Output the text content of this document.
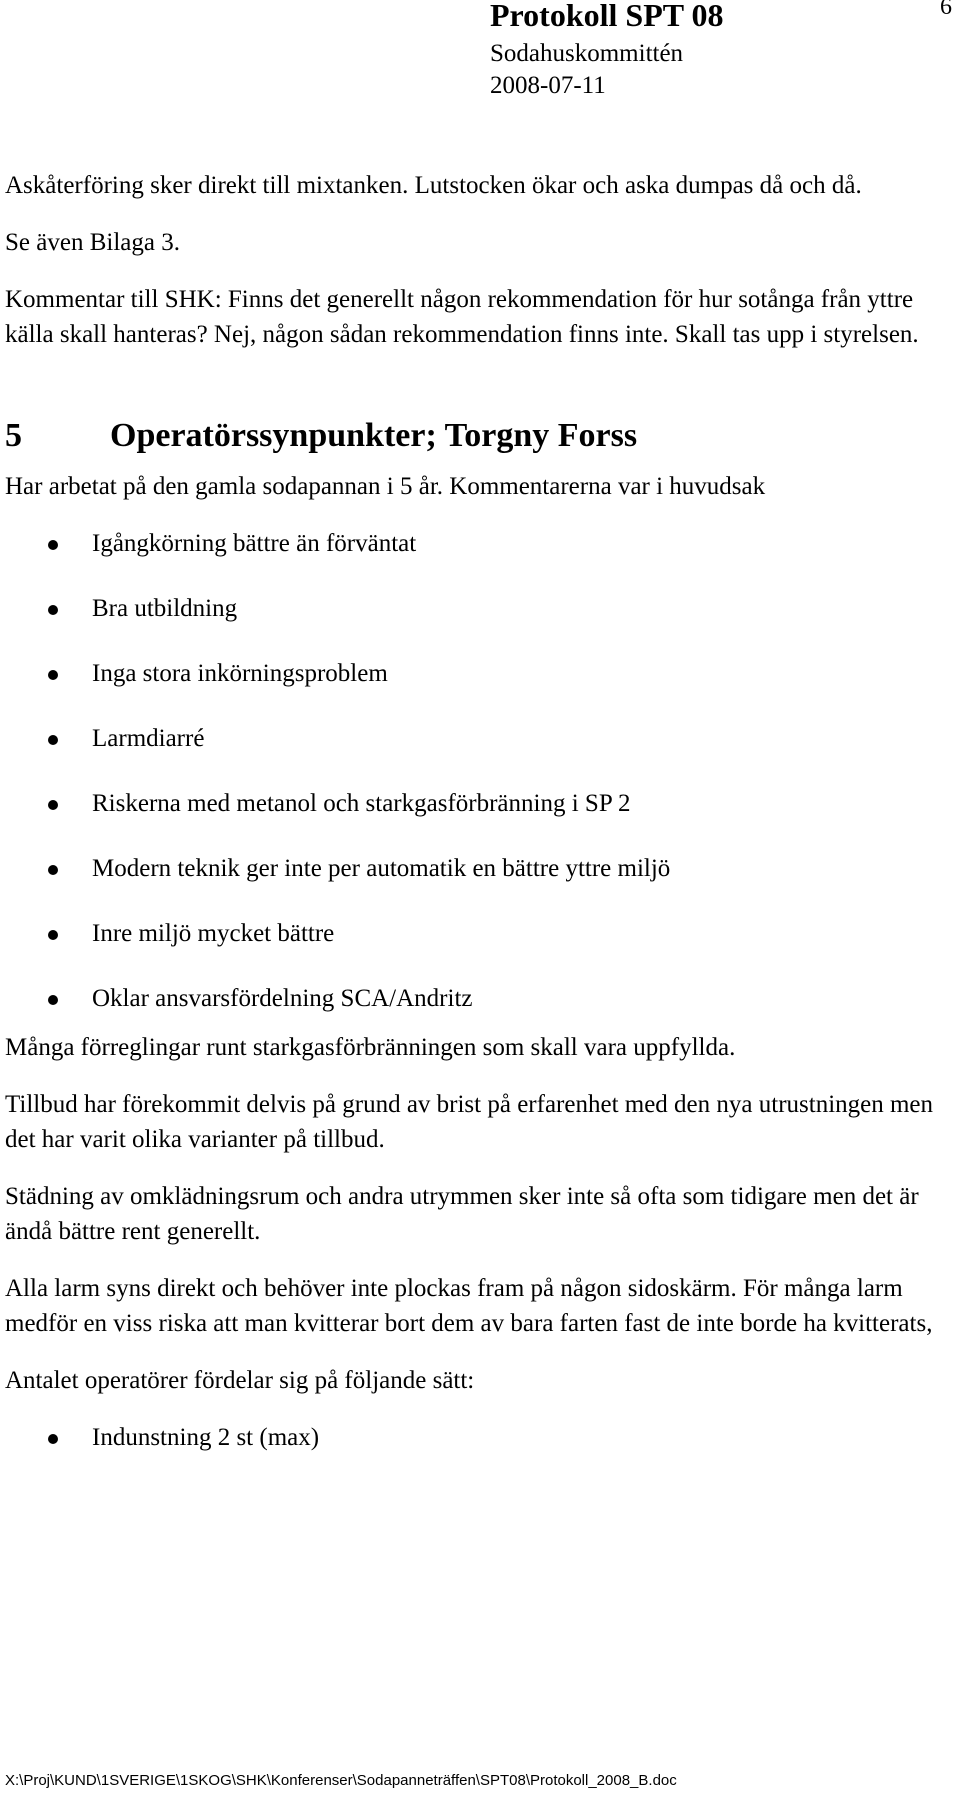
Protokoll SPT 08	6
Sodahuskommittén
2008-07-11

Askåterföring sker direkt till mixtanken. Lutstocken ökar och aska dumpas då och då.

Se även Bilaga 3.

Kommentar till SHK: Finns det generellt någon rekommendation för hur sotånga från yttre källa skall hanteras? Nej, någon sådan rekommendation finns inte. Skall tas upp i styrelsen.

5	Operatörssynpunkter; Torgny Forss

Har arbetat på den gamla sodapannan i 5 år. Kommentarerna var i huvudsak

Igångkörning bättre än förväntat
Bra utbildning
Inga stora inkörningsproblem
Larmdiarré
Riskerna med metanol och starkgasförbränning i SP 2
Modern teknik ger inte per automatik en bättre yttre miljö
Inre miljö mycket bättre
Oklar ansvarsfördelning SCA/Andritz

Många förreglingar runt starkgasförbränningen som skall vara uppfyllda.

Tillbud har förekommit delvis på grund av brist på erfarenhet med den nya utrustningen men det har varit olika varianter på tillbud.

Städning av omklädningsrum och andra utrymmen sker inte så ofta som tidigare men det är ändå bättre rent generellt.

Alla larm syns direkt och behöver inte plockas fram på någon sidoskärm. För många larm medför en viss riska att man kvitterar bort dem av bara farten fast de inte borde ha kvitterats,

Antalet operatörer fördelar sig på följande sätt:

Indunstning 2 st (max)
X:\Proj\KUND\1SVERIGE\1SKOG\SHK\Konferenser\Sodapanneträffen\SPT08\Protokoll_2008_B.doc
